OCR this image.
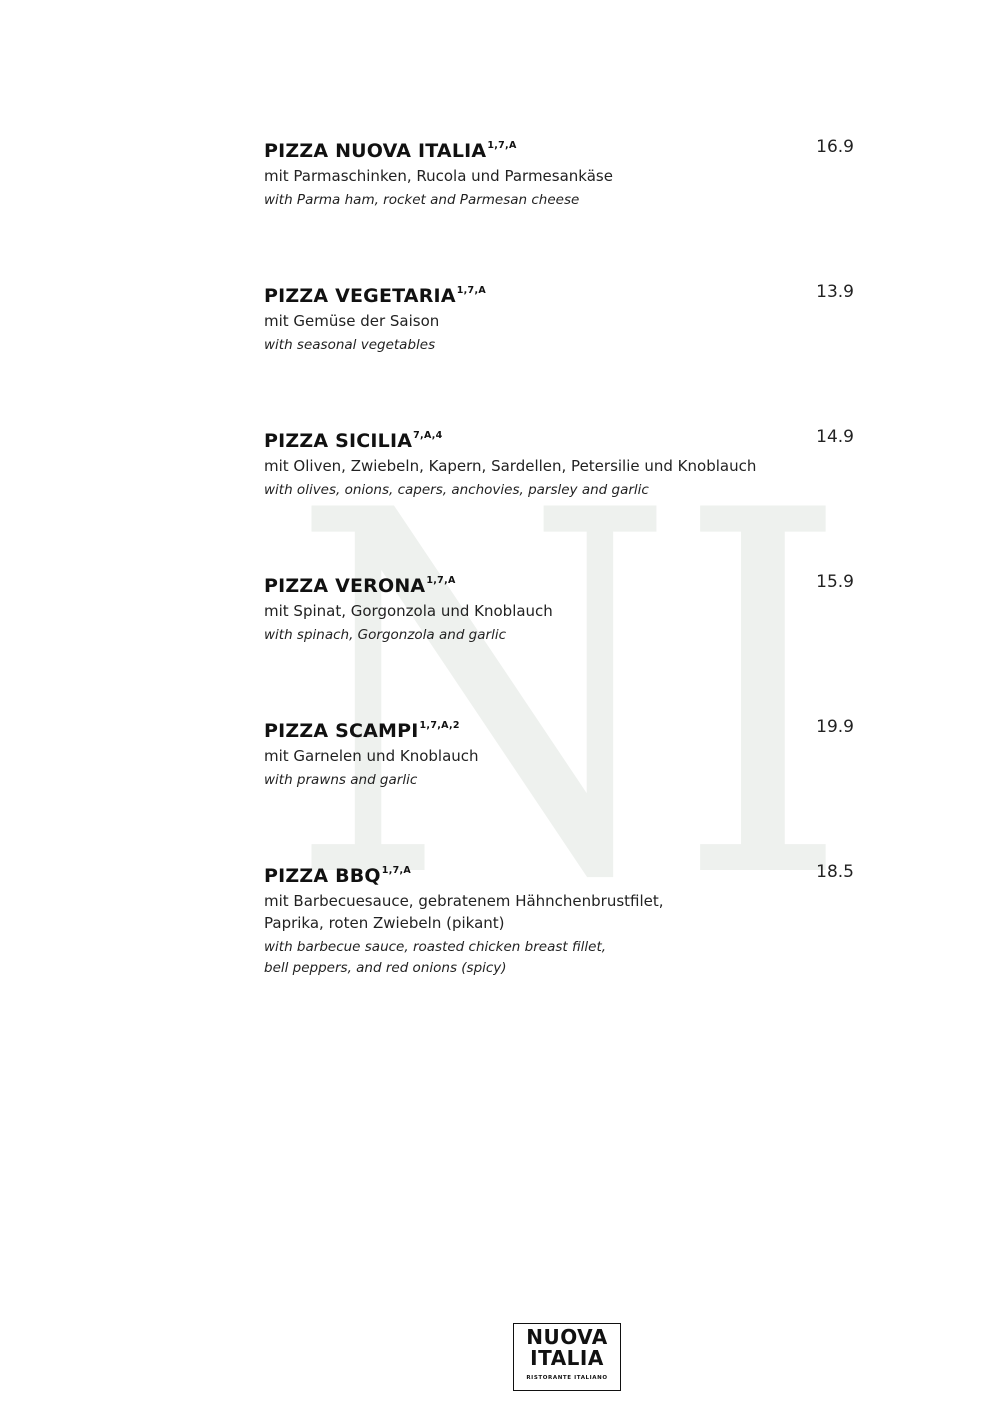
NI
PIZZA NUOVA $ITALIA^{1,7,A}$	16.9
mit Parmaschinken, Rucola und Parmesankäse
with Parma ham, rocket and Parmesan cheese
PIZZA $VEGETARIA^{1,7,A}$	13.9
mit Gemüse der Saison
with seasonal vegetables
PIZZA $SICILIA^{7,A,4}$	14.9
mit Oliven, Zwiebeln, Kapern, Sardellen, Petersilie und Knoblauch
with olives, onions, capers, anchovies, parsley and garlic
PIZZA $VERONA^{1,7,A}$	15.9
mit Spinat, Gorgonzola und Knoblauch
with spinach, Gorgonzola and garlic
PIZZA $SCAMPI^{1,7,A,2}$	19.9
mit Garnelen und Knoblauch
with prawns and garlic
PIZZA $BBQ^{1,7,A}$	18.5
mit Barbecuesauce, gebratenem Hähnchenbrustfilet,
Paprika, roten Zwiebeln (pikant)
with barbecue sauce, roasted chicken breast fillet,
bell peppers, and red onions (spicy)
NUOVA
ITALIA
RISTORANTE ITALIANO
